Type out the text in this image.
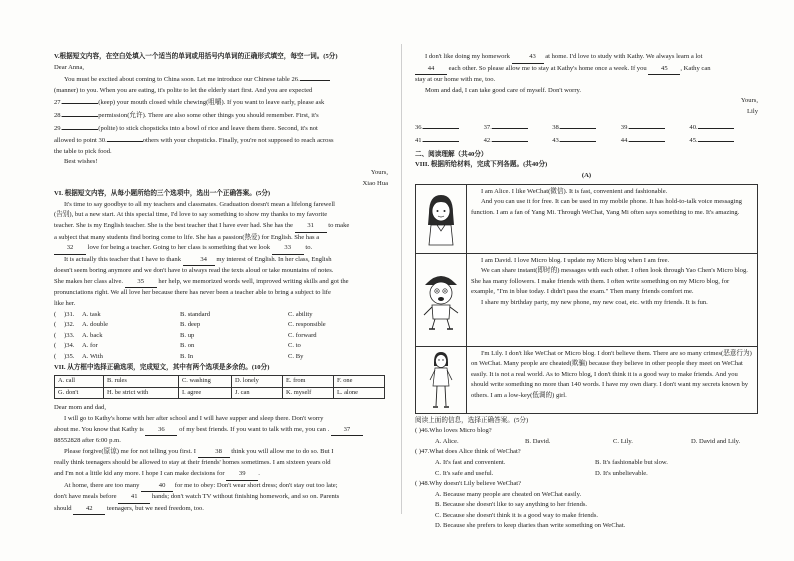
V.根据短文内容，在空白处填入一个适当的单词或用括号内单词的正确形式填空，每空一词。(5分)

Dear Anna,

You must be excited about coming to China soon. Let me introduce our Chinese table 26.

(manner) to you. When you are eating, it's polite to let the elderly start first. And you are expected

27.	(keep) your mouth closed while chewing(咀嚼). If you want to leave early, please ask

28.	permission(允许). There are also some other things you should remember. First, it's

29.	(polite) to stick chopsticks into a bowl of rice and leave them there. Second, it's not

allowed to point 30.	others with your chopsticks. Finally, you're not supposed to reach across

the table to pick food.

Best wishes!

Yours,

Xiao Hua

VI. 根据短文内容，从每小题所给的三个选项中，选出一个正确答案。(5分)

It's time to say goodbye to all my teachers and classmates. Graduation doesn't mean a lifelong farewell

(告别), but a new start. At this special time, I'd love to say something to show my thanks to my favorite

teacher. She is my English teacher. She is the best teacher that I have ever had. She has the 31 to make

a subject that many students find boring come to life. She has a passion(热爱) for English. She has a

32 love for being a teacher. Going to her class is something that we look 33 to.

It is actually this teacher that I have to thank	34 my interest of English. In her class, English

doesn't seem boring anymore and we don't have to always read the texts aloud or take mountains of notes.

She makes her class alive. 35 her help, we memorized words well, improved writing skills and got the

pronunciations right. We all love her because there has never been a teacher able to bring a subject to life

like her.

(	)31.	A. task	B. standard	C. ability
(	)32.	A. double	B. deep	C. responsible
(	)33.	A. back	B. up	C. forward
(	)34.	A. for	B. on	C. to
(	)35.	A. With	B. In	C. By

VII. 从方框中选择正确选项，完成短文，其中有两个选项是多余的。(10分)

A. call	B. rules	C. washing	D. lonely	E. from	F. one
G. don't	H. be strict with	I. agree	J. can	K. myself	L. alone

Dear mom and dad,

I will go to Kathy's home with her after school and I will have supper and sleep there. Don't worry

about me. You know that Kathy is 36 of my best friends. If you want to talk with me, you can . 37

88552828 after 6:00 p.m.

Please forgive(原谅) me for not telling you first. I	38 think you will allow me to do so. But I

really think teenagers should be allowed to stay at their friends' homes sometimes. I am sixteen years old

and I'm not a little kid any more. I hope I can make decisions for 39 .

At home, there are too many	40 for me to obey: Don't wear short dress; don't stay out too late;

don't have meals before 41 hands; don't watch TV without finishing homework, and so on. Parents

should 42 teenagers, but we need freedom, too.

I don't like doing my homework	43 at home. I'd love to study with Kathy. We always learn a lot

44 each other. So please allow me to stay at Kathy's home once a week. If you 45 , Kathy can

stay at our home with me, too.

Mom and dad, I can take good care of myself. Don't worry.

Yours,

Lily

36.	37.	38.	39.	40.
41.	42.	43.	44.	45.

二、阅读理解（共40分）

VIII. 根据所给材料，完成下列各题。(共40分)

(A)

I am Alice. I like WeChat(微信). It is fast, convenient and fashionable.

And you can use it for free. It can be used in my mobile phone. It has hold-to-talk voice messaging function. I am a fan of Yang Mi. Through WeChat, Yang Mi often says something to me. It's amazing.

I am David. I love Micro blog. I update my Micro blog when I am free.

We can share instant(即时的) messages with each other. I often look through Yao Chen's Micro blog. She has many followers. I make friends with them. I often write something on my Micro blog, for example, "I'm in blue today. I didn't pass the exam." Then many friends comfort me.

I share my birthday party, my new phone, my new coat, etc. with my friends. It is fun.

I'm Lily. I don't like WeChat or Micro blog. I don't believe them. There are so many crimes(恶意行为) on WeChat. Many people are cheated(欺骗) because they believe in other people they meet on WeChat easily. It is not a real world. As to Micro blog, I don't think it is a good way to make friends. And you should write something no more than 140 words. I have my own diary. I don't want my secrets known by others. I am a low-key(低调的) girl.

阅读上面的信息，选择正确答案。(5分)

( )46.Who loves Micro blog?

A. Alice.	B. David.	C. Lily.	D. David and Lily.

( )47.What does Alice think of WeChat?

A. It's fast and convenient.	B. It's fashionable but slow.
C. It's safe and useful.	D. It's unbelievable.

( )48.Why doesn't Lily believe WeChat?

A. Because many people are cheated on WeChat easily.

B. Because she doesn't like to say anything to her friends.

C. Because she doesn't think it is a good way to make friends.

D. Because she prefers to keep diaries than write something on WeChat.
